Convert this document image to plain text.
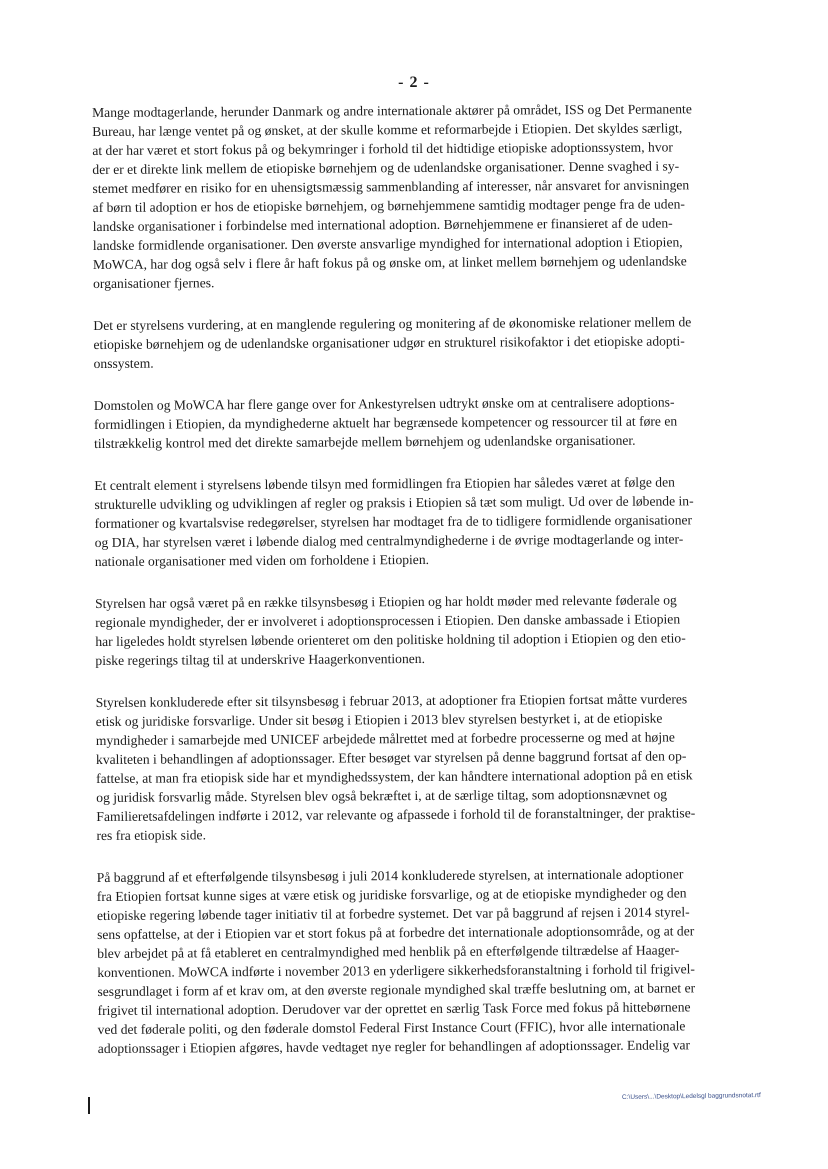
- 2 -
Mange modtagerlande, herunder Danmark og andre internationale aktører på området, ISS og Det Permanente
Bureau, har længe ventet på og ønsket, at der skulle komme et reformarbejde i Etiopien. Det skyldes særligt,
at der har været et stort fokus på og bekymringer i forhold til det hidtidige etiopiske adoptionssystem, hvor
der er et direkte link mellem de etiopiske børnehjem og de udenlandske organisationer. Denne svaghed i sy-
stemet medfører en risiko for en uhensigtsmæssig sammenblanding af interesser, når ansvaret for anvisningen
af børn til adoption er hos de etiopiske børnehjem, og børnehjemmene samtidig modtager penge fra de uden-
landske organisationer i forbindelse med international adoption. Børnehjemmene er finansieret af de uden-
landske formidlende organisationer. Den øverste ansvarlige myndighed for international adoption i Etiopien,
MoWCA, har dog også selv i flere år haft fokus på og ønske om, at linket mellem børnehjem og udenlandske
organisationer fjernes.
Det er styrelsens vurdering, at en manglende regulering og monitering af de økonomiske relationer mellem de
etiopiske børnehjem og de udenlandske organisationer udgør en strukturel risikofaktor i det etiopiske adopti-
onssystem.
Domstolen og MoWCA har flere gange over for Ankestyrelsen udtrykt ønske om at centralisere adoptions-
formidlingen i Etiopien, da myndighederne aktuelt har begrænsede kompetencer og ressourcer til at føre en
tilstrækkelig kontrol med det direkte samarbejde mellem børnehjem og udenlandske organisationer.
Et centralt element i styrelsens løbende tilsyn med formidlingen fra Etiopien har således været at følge den
strukturelle udvikling og udviklingen af regler og praksis i Etiopien så tæt som muligt. Ud over de løbende in-
formationer og kvartalsvise redegørelser, styrelsen har modtaget fra de to tidligere formidlende organisationer
og DIA, har styrelsen været i løbende dialog med centralmyndighederne i de øvrige modtagerlande og inter-
nationale organisationer med viden om forholdene i Etiopien.
Styrelsen har også været på en række tilsynsbesøg i Etiopien og har holdt møder med relevante føderale og
regionale myndigheder, der er involveret i adoptionsprocessen i Etiopien. Den danske ambassade i Etiopien
har ligeledes holdt styrelsen løbende orienteret om den politiske holdning til adoption i Etiopien og den etio-
piske regerings tiltag til at underskrive Haagerkonventionen.
Styrelsen konkluderede efter sit tilsynsbesøg i februar 2013, at adoptioner fra Etiopien fortsat måtte vurderes
etisk og juridiske forsvarlige. Under sit besøg i Etiopien i 2013 blev styrelsen bestyrket i, at de etiopiske
myndigheder i samarbejde med UNICEF arbejdede målrettet med at forbedre processerne og med at højne
kvaliteten i behandlingen af adoptionssager. Efter besøget var styrelsen på denne baggrund fortsat af den op-
fattelse, at man fra etiopisk side har et myndighedssystem, der kan håndtere international adoption på en etisk
og juridisk forsvarlig måde. Styrelsen blev også bekræftet i, at de særlige tiltag, som adoptionsnævnet og
Familieretsafdelingen indførte i 2012, var relevante og afpassede i forhold til de foranstaltninger, der praktise-
res fra etiopisk side.
På baggrund af et efterfølgende tilsynsbesøg i juli 2014 konkluderede styrelsen, at internationale adoptioner
fra Etiopien fortsat kunne siges at være etisk og juridiske forsvarlige, og at de etiopiske myndigheder og den
etiopiske regering løbende tager initiativ til at forbedre systemet. Det var på baggrund af rejsen i 2014 styrel-
sens opfattelse, at der i Etiopien var et stort fokus på at forbedre det internationale adoptionsområde, og at der
blev arbejdet på at få etableret en centralmyndighed med henblik på en efterfølgende tiltrædelse af Haager-
konventionen. MoWCA indførte i november 2013 en yderligere sikkerhedsforanstaltning i forhold til frigivel-
sesgrundlaget i form af et krav om, at den øverste regionale myndighed skal træffe beslutning om, at barnet er
frigivet til international adoption. Derudover var der oprettet en særlig Task Force med fokus på hittebørnene
ved det føderale politi, og den føderale domstol Federal First Instance Court (FFIC), hvor alle internationale
adoptionssager i Etiopien afgøres, havde vedtaget nye regler for behandlingen af adoptionssager. Endelig var
C:\Users\...\Desktop\Ledelsgl baggrundsnotat.rtf
